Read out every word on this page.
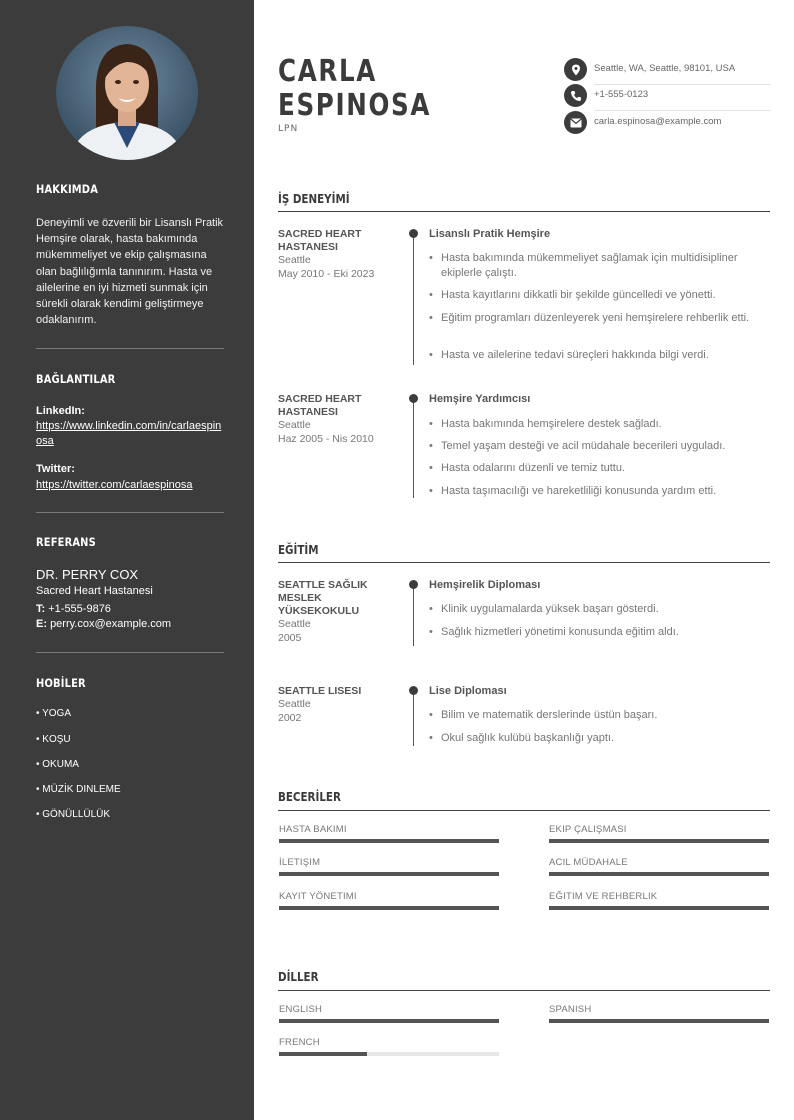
HAKKIMDA
Deneyimli ve özverili bir Lisanslı Pratik Hemşire olarak, hasta bakımında mükemmeliyet ve ekip çalışmasına olan bağlılığımla tanınırım. Hasta ve ailelerine en iyi hizmeti sunmak için sürekli olarak kendimi geliştirmeye odaklanırım.
BAĞLANTILAR
LinkedIn:
https://www.linkedin.com/in/carlaespinosa
Twitter:
https://twitter.com/carlaespinosa
REFERANS
DR. PERRY COX
Sacred Heart Hastanesi
T: +1-555-9876
E: perry.cox@example.com
HOBİLER
• YOGA
• KOŞU
• OKUMA
• MÜZİK DINLEME
• GÖNÜLLÜLÜK
CARLA
ESPINOSA
LPN
Seattle, WA, Seattle, 98101, USA
+1-555-0123
carla.espinosa@example.com
İŞ DENEYİMİ
SACRED HEART HASTANESI
Seattle
May 2010 - Eki 2023
Lisanslı Pratik Hemşire
• Hasta bakımında mükemmeliyet sağlamak için multidisipliner ekiplerle çalıştı.
• Hasta kayıtlarını dikkatli bir şekilde güncelledi ve yönetti.
• Eğitim programları düzenleyerek yeni hemşirelere rehberlik etti.
• Hasta ve ailelerine tedavi süreçleri hakkında bilgi verdi.
SACRED HEART HASTANESI
Seattle
Haz 2005 - Nis 2010
Hemşire Yardımcısı
• Hasta bakımında hemşirelere destek sağladı.
• Temel yaşam desteği ve acil müdahale becerileri uyguladı.
• Hasta odalarını düzenli ve temiz tuttu.
• Hasta taşımacılığı ve hareketliliği konusunda yardım etti.
EĞİTİM
SEATTLE SAĞLIK MESLEK YÜKSEKOKULU
Seattle
2005
Hemşirelik Diploması
• Klinik uygulamalarda yüksek başarı gösterdi.
• Sağlık hizmetleri yönetimi konusunda eğitim aldı.
SEATTLE LISESI
Seattle
2002
Lise Diploması
• Bilim ve matematik derslerinde üstün başarı.
• Okul sağlık kulübü başkanlığı yaptı.
BECERİLER
HASTA BAKIMI	EKIP ÇALIŞMASI
İLETIŞIM	ACIL MÜDAHALE
KAYIT YÖNETIMI	EĞITIM VE REHBERLIK
DİLLER
ENGLISH	SPANISH
FRENCH
